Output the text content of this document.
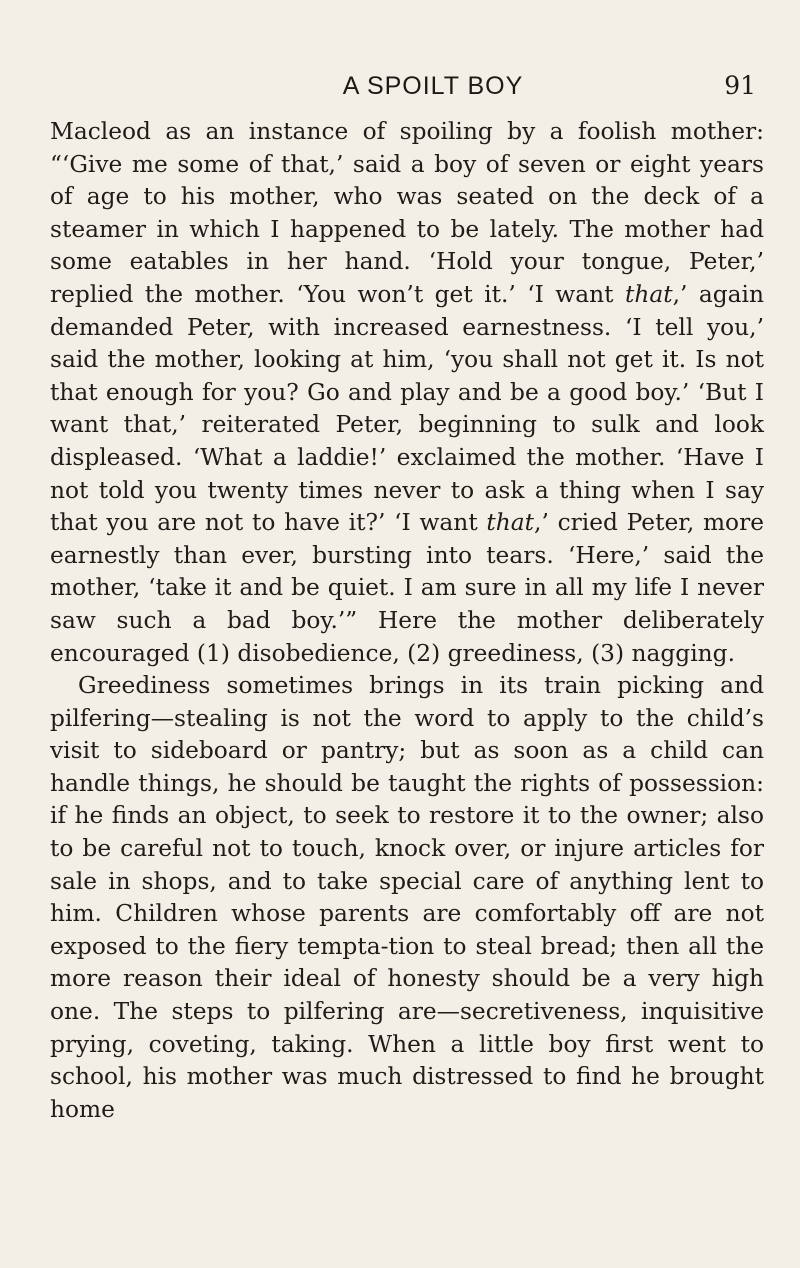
A SPOILT BOY	91

Macleod as an instance of spoiling by a foolish mother: “‘Give me some of that,’ said a boy of seven or eight years of age to his mother, who was seated on the deck of a steamer in which I happened to be lately. The mother had some eatables in her hand. ‘Hold your tongue, Peter,’ replied the mother. ‘You won’t get it.’ ‘I want that,’ again demanded Peter, with increased earnestness. ‘I tell you,’ said the mother, looking at him, ‘you shall not get it. Is not that enough for you? Go and play and be a good boy.’ ‘But I want that,’ reiterated Peter, beginning to sulk and look displeased. ‘What a laddie!’ exclaimed the mother. ‘Have I not told you twenty times never to ask a thing when I say that you are not to have it?’ ‘I want that,’ cried Peter, more earnestly than ever, bursting into tears. ‘Here,’ said the mother, ‘take it and be quiet. I am sure in all my life I never saw such a bad boy.’” Here the mother deliberately encouraged (1) disobedience, (2) greediness, (3) nagging.

Greediness sometimes brings in its train picking and pilfering—stealing is not the word to apply to the child’s visit to sideboard or pantry; but as soon as a child can handle things, he should be taught the rights of possession: if he finds an object, to seek to restore it to the owner; also to be careful not to touch, knock over, or injure articles for sale in shops, and to take special care of anything lent to him. Children whose parents are comfortably off are not exposed to the fiery tempta-tion to steal bread; then all the more reason their ideal of honesty should be a very high one. The steps to pilfering are—secretiveness, inquisitive prying, coveting, taking. When a little boy first went to school, his mother was much distressed to find he brought home
